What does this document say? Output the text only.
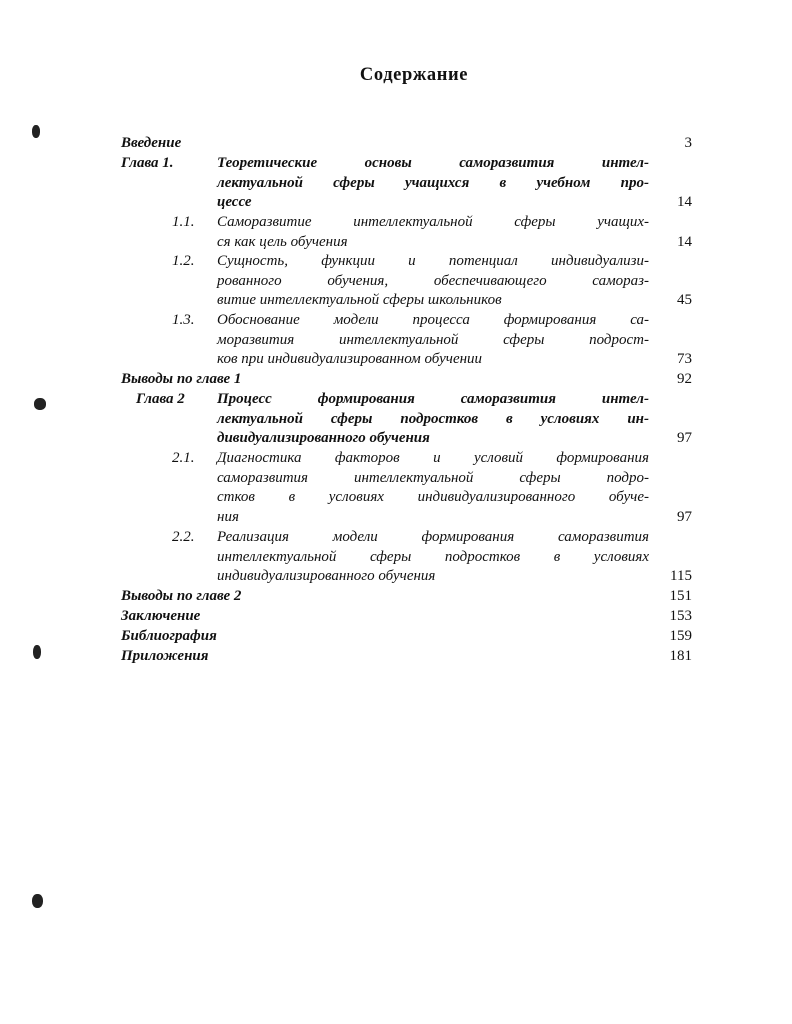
Содержание
Введение	3
Глава 1.	Теоретические основы саморазвития интел-
лектуальной сферы учащихся в учебном про-
цессе	14
1.1. Саморазвитие интеллектуальной сферы учащих-
ся как цель обучения	14
1.2. Сущность, функции и потенциал индивидуализи-
рованного обучения, обеспечивающего самораз-
витие интеллектуальной сферы школьников	45
1.3. Обоснование модели процесса формирования са-
моразвития интеллектуальной сферы подрост-
ков при индивидуализированном обучении	73
Выводы по главе 1	92
Глава 2 Процесс формирования саморазвития интел-
лектуальной сферы подростков в условиях ин-
дивидуализированного обучения	97
2.1. Диагностика факторов и условий формирования
саморазвития интеллектуальной сферы подро-
стков в условиях индивидуализированного обуче-
ния	97
2.2. Реализация модели формирования саморазвития
интеллектуальной сферы подростков в условиях
индивидуализированного обучения	115
Выводы по главе 2	151
Заключение	153
Библиография	159
Приложения	181
